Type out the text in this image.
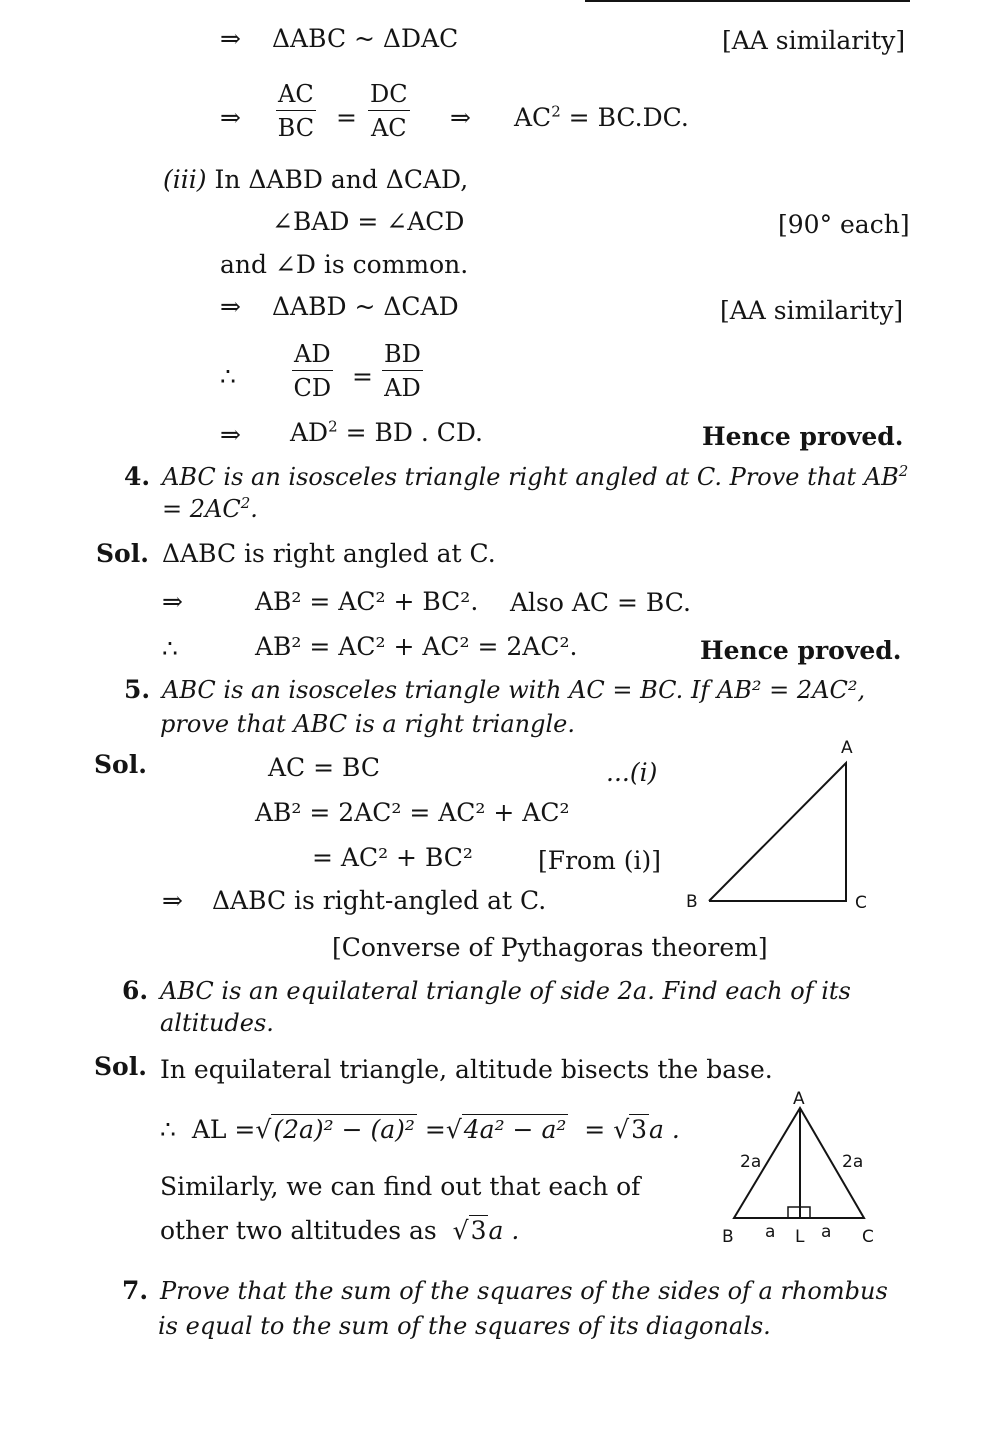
⇒ ΔABC ~ ΔDAC	[AA similarity]
⇒ $\frac{AC}{BC} = \frac{DC}{AC}$ ⇒ $AC^2 = BC.DC$.
(iii) In ΔABD and ΔCAD,
∠BAD = ∠ACD	[90° each]
and ∠D is common.
⇒ ΔABD ~ ΔCAD	[AA similarity]
∴ $\frac{AD}{CD} = \frac{BD}{AD}$
⇒ $AD^2$ = BD . CD.	Hence proved.
4. ABC is an isosceles triangle right angled at C. Prove that $AB^2$
= $2AC^2$.
Sol. ΔABC is right angled at C.
⇒	AB² = AC² + BC². Also AC = BC.
∴	AB² = AC² + AC² = 2AC².	Hence proved.
5. ABC is an isosceles triangle with AC = BC. If AB² = 2AC²,
prove that ABC is a right triangle.
Sol.	AC = BC	...(i)
AB² = 2AC² = AC² + AC²
= AC² + BC²	[From (i)]
⇒ ΔABC is right-angled at C.
[Converse of Pythagoras theorem]
A
B	C
6. ABC is an equilateral triangle of side 2a. Find each of its
altitudes.
Sol. In equilateral triangle, altitude bisects the base.
∴ AL =√(2a)² − (a)² =√4a² − a² = √3a .
Similarly, we can find out that each of
other two altitudes as  √3a .
A
2a	2a
B a L a C
7. Prove that the sum of the squares of the sides of a rhombus
is equal to the sum of the squares of its diagonals.
